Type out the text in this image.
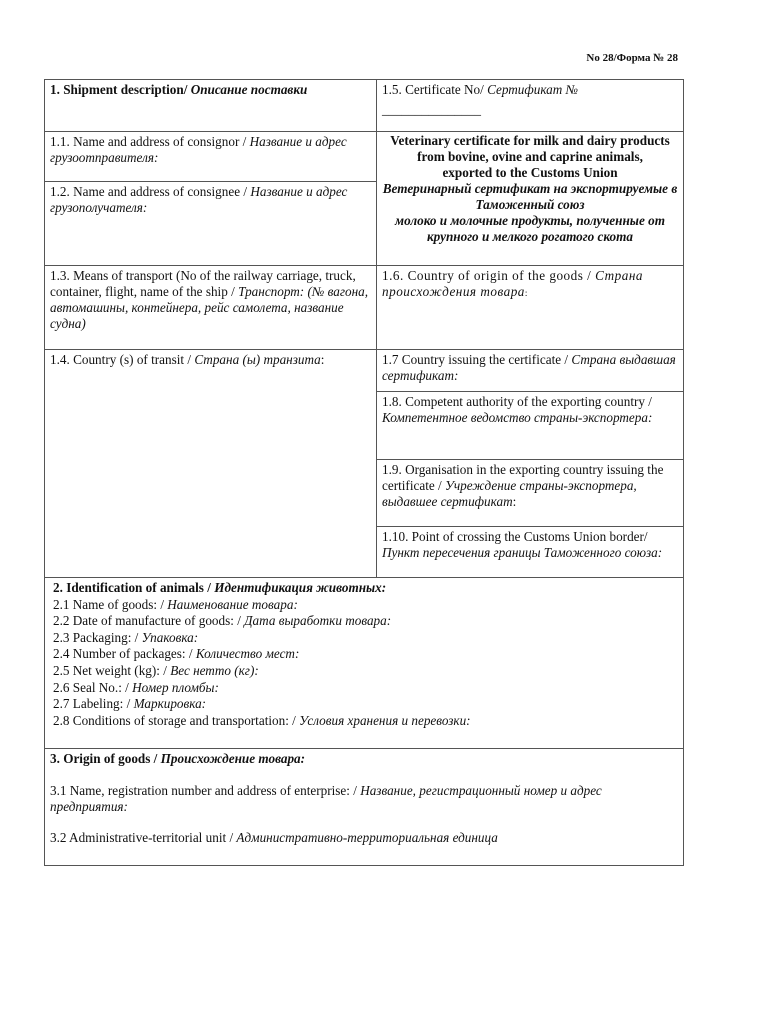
No 28/Форма № 28
1. Shipment description/ Описание поставки	1.5. Certificate No/ Сертификат №
_______________
1.1. Name and address of consignor / Название и адрес грузоотправителя:
1.2. Name and address of consignee / Название и адрес грузополучателя:
Veterinary certificate for milk and dairy products from bovine, ovine and caprine animals,
exported to the Customs Union
Ветеринарный сертификат на экспортируемые в Таможенный союз
молоко и молочные продукты, полученные от крупного и мелкого рогатого скота
1.3. Means of transport (No of the railway carriage, truck, container, flight, name of the ship / Транспорт: (№ вагона, автомашины, контейнера, рейс самолета, название судна)
1.6. Country of origin of the goods / Страна происхождения товара:
1.4. Country (s) of transit / Страна (ы) транзита:	1.7 Country issuing the certificate / Страна выдавшая сертификат:
1.8. Competent authority of the exporting country / Компетентное ведомство страны-экспортера:
1.9. Organisation in the exporting country issuing the certificate / Учреждение страны-экспортера, выдавшее сертификат:
1.10. Point of crossing the Customs Union border/ Пункт пересечения границы Таможенного союза:
2. Identification of animals / Идентификация животных:
2.1 Name of goods: / Наименование товара:
2.2 Date of manufacture of goods: / Дата выработки товара:
2.3 Packaging: / Упаковка:
2.4 Number of packages: / Количество мест:
2.5 Net weight (kg): / Вес нетто (кг):
2.6 Seal No.: / Номер пломбы:
2.7 Labeling: / Маркировка:
2.8 Conditions of storage and transportation: / Условия хранения и перевозки:
3. Origin of goods / Происхождение товара:
3.1 Name, registration number and address of enterprise: / Название, регистрационный номер и адрес предприятия:
3.2 Administrative-territorial unit / Административно-территориальная единица
